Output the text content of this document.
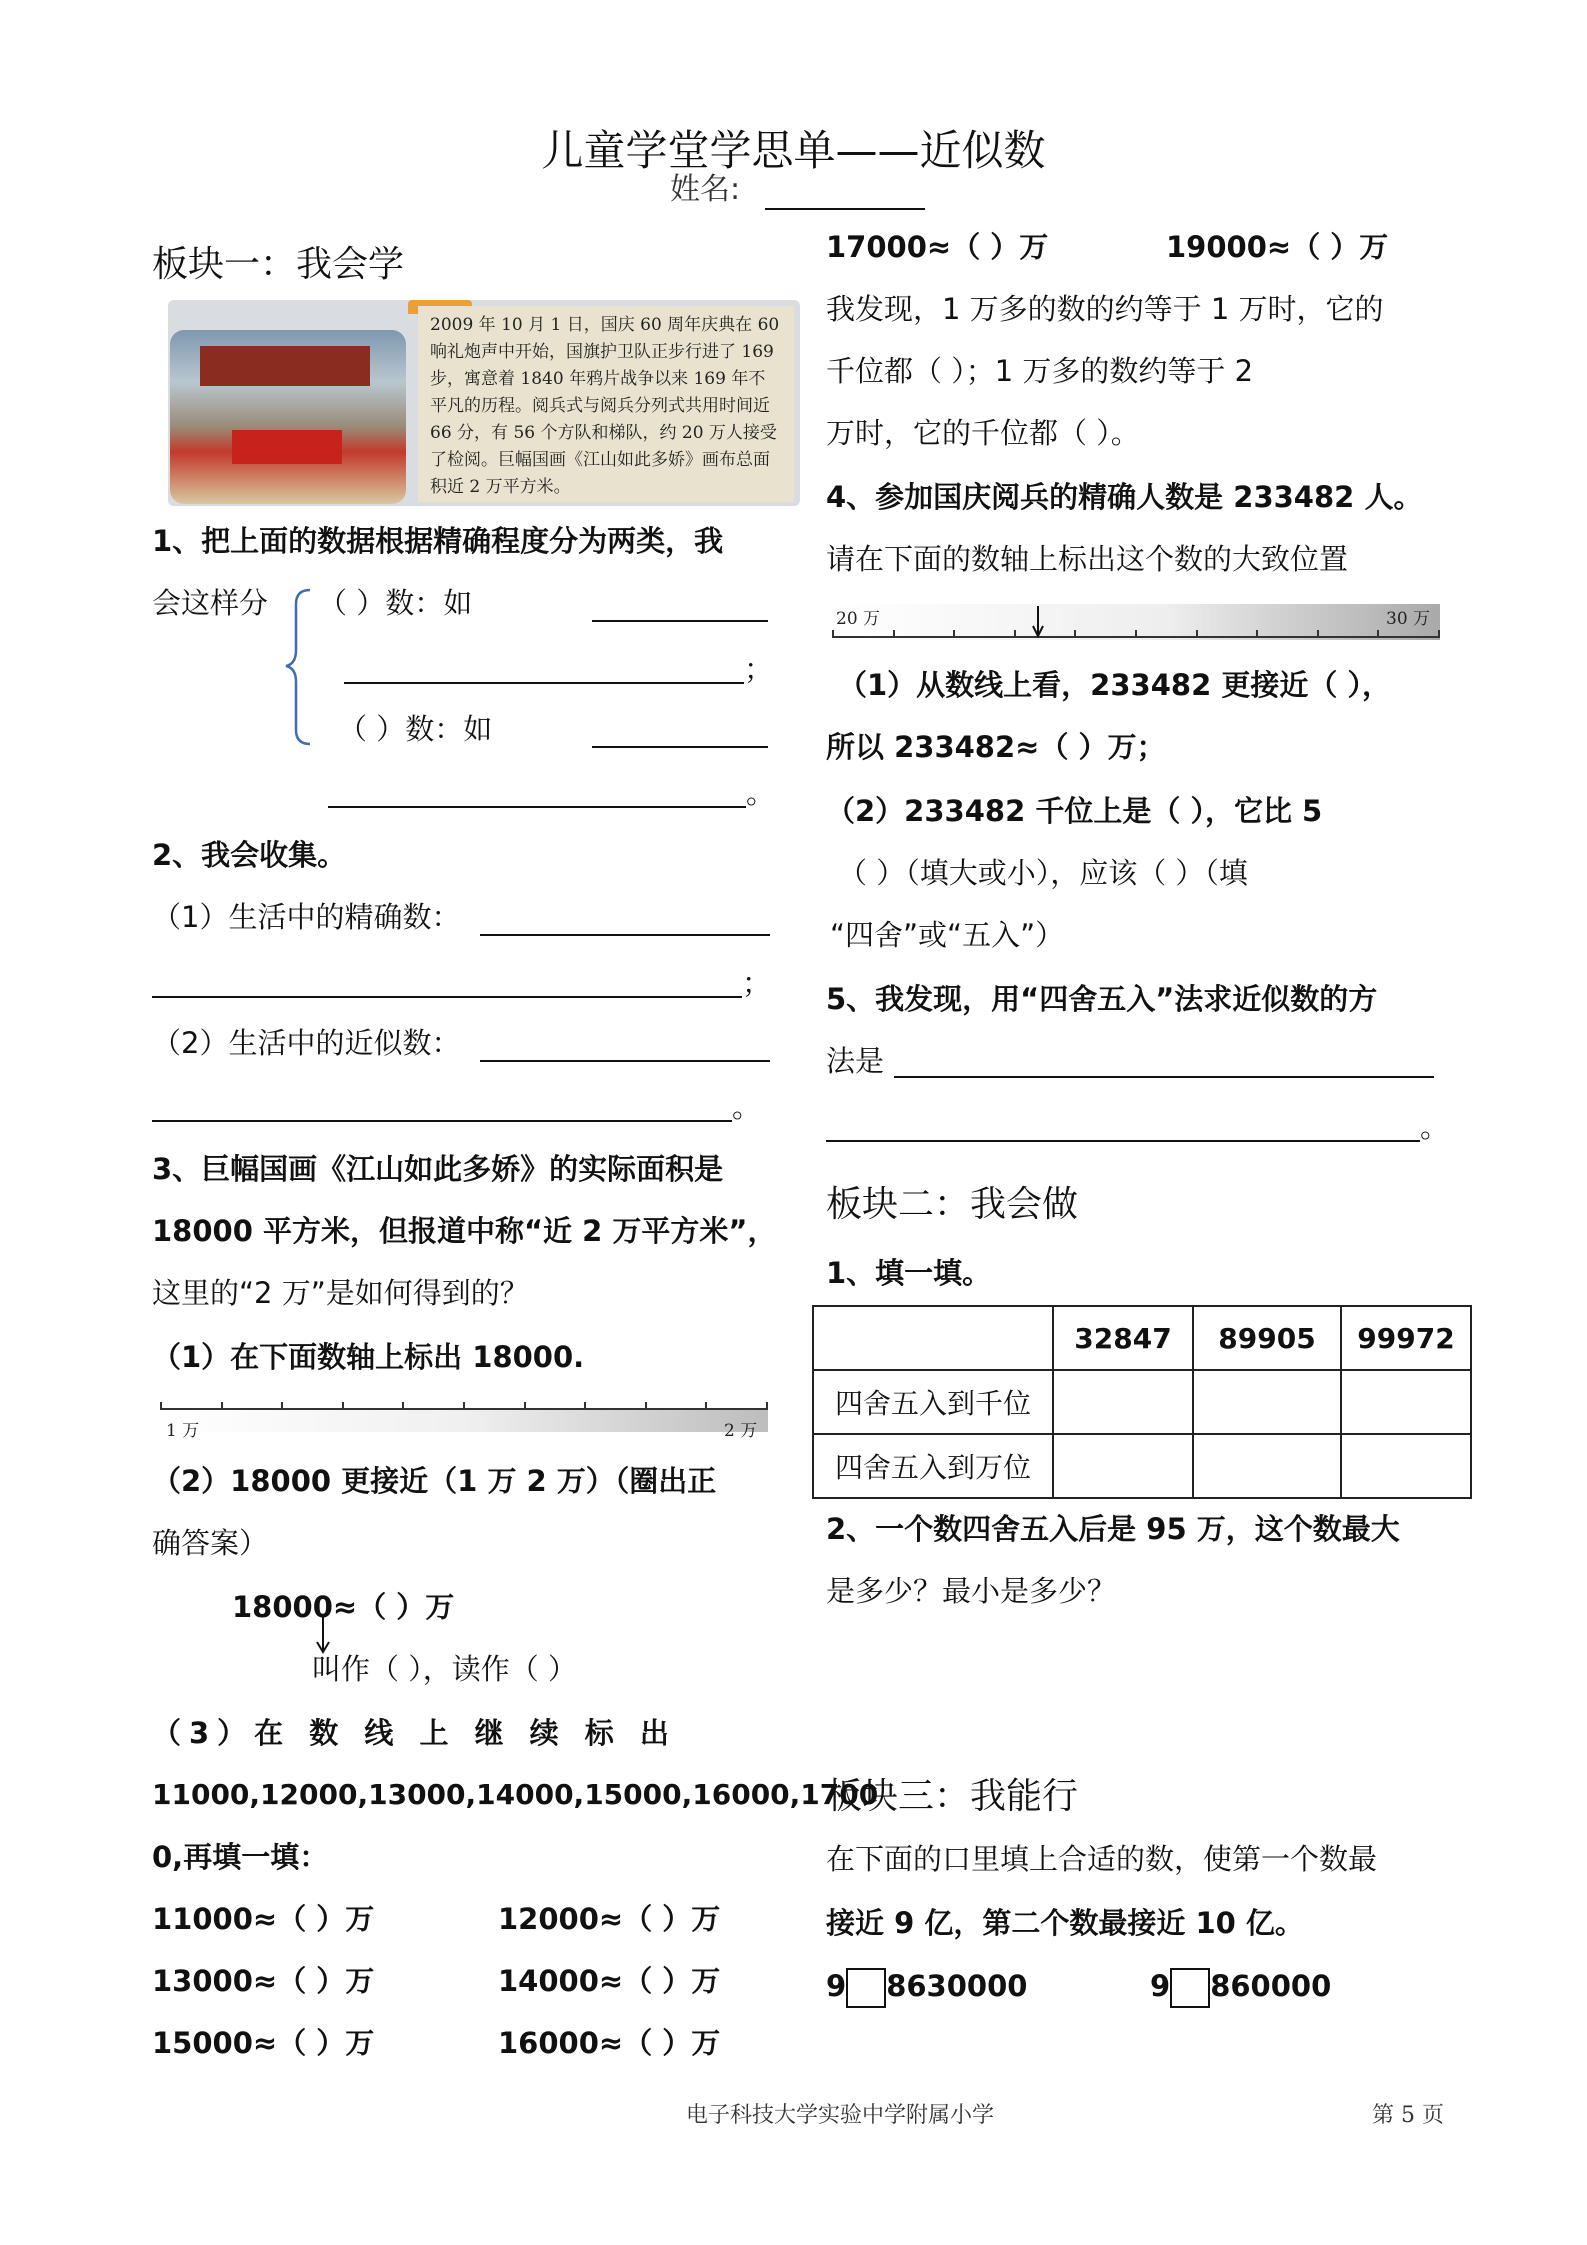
儿童学堂学思单——近似数
姓名:
板块一：我会学
2009 年 10 月 1 日，国庆 60 周年庆典在 60 响礼炮声中开始，国旗护卫队正步行进了 169 步，寓意着 1840 年鸦片战争以来 169 年不平凡的历程。阅兵式与阅兵分列式共用时间近 66 分，有 56 个方队和梯队，约 20 万人接受了检阅。巨幅国画《江山如此多娇》画布总面积近 2 万平方米。
1、把上面的数据根据精确程度分为两类，我
会这样分 （ ）数：如
；
（ ）数：如
。
2、我会收集。
（1）生活中的精确数：
；
（2）生活中的近似数：
。
3、巨幅国画《江山如此多娇》的实际面积是
18000 平方米，但报道中称“近 2 万平方米”，
这里的“2 万”是如何得到的？
（1）在下面数轴上标出 18000.
1 万	2 万
（2）18000 更接近（1 万 2 万）（圈出正
确答案）
18000≈（ ）万
叫作（ ），读作（ ）
（3）在 数 线 上 继 续 标 出
11000,12000,13000,14000,15000,16000,1700
0,再填一填：
11000≈（ ）万
13000≈（ ）万
15000≈（ ）万
12000≈（ ）万
14000≈（ ）万
16000≈（ ）万
17000≈（ ）万	19000≈（ ）万
我发现，1 万多的数的约等于 1 万时，它的
千位都（ ）；1 万多的数约等于 2
万时，它的千位都（ ）。
4、参加国庆阅兵的精确人数是 233482 人。
请在下面的数轴上标出这个数的大致位置
20 万	30 万
（1）从数线上看，233482 更接近（ ），
所以 233482≈（ ）万；
（2）233482 千位上是（ ），它比 5
（ ）（填大或小），应该（ ）（填
“四舍”或“五入”）
5、我发现，用“四舍五入”法求近似数的方
法是
。
板块二：我会做
1、填一填。
	32847	89905	99972
四舍五入到千位			
四舍五入到万位			
2、一个数四舍五入后是 95 万，这个数最大
是多少？最小是多少？
板块三：我能行
在下面的口里填上合适的数，使第一个数最
接近 9 亿，第二个数最接近 10 亿。
9 8630000	9 860000
电子科技大学实验中学附属小学	第 5 页
